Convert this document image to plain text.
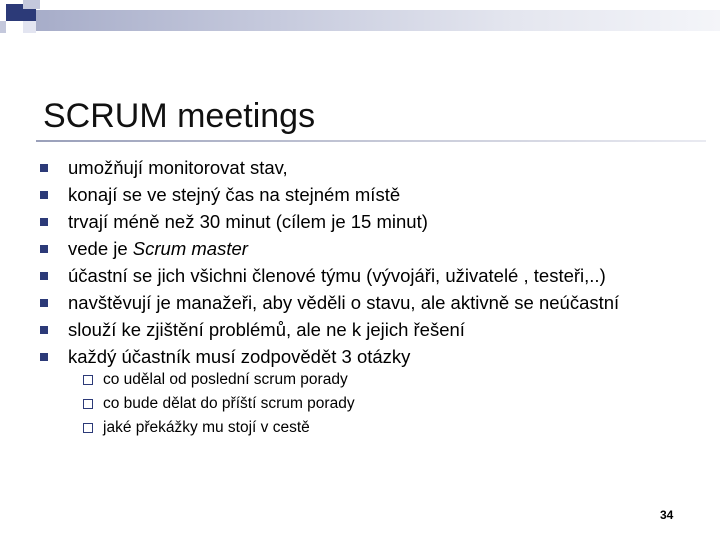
SCRUM meetings
umožňují monitorovat stav,
konají se ve stejný čas na stejném místě
trvají méně než 30 minut (cílem je 15 minut)
vede je Scrum master
účastní se jich všichni členové týmu (vývojáři, uživatelé , testeři,..)
navštěvují je manažeři, aby věděli o stavu, ale aktivně se neúčastní
slouží ke zjištění problémů, ale ne k jejich řešení
každý účastník musí zodpovědět 3 otázky
co udělal od poslední scrum porady
co bude dělat do příští scrum porady
jaké překážky mu stojí v cestě
34
